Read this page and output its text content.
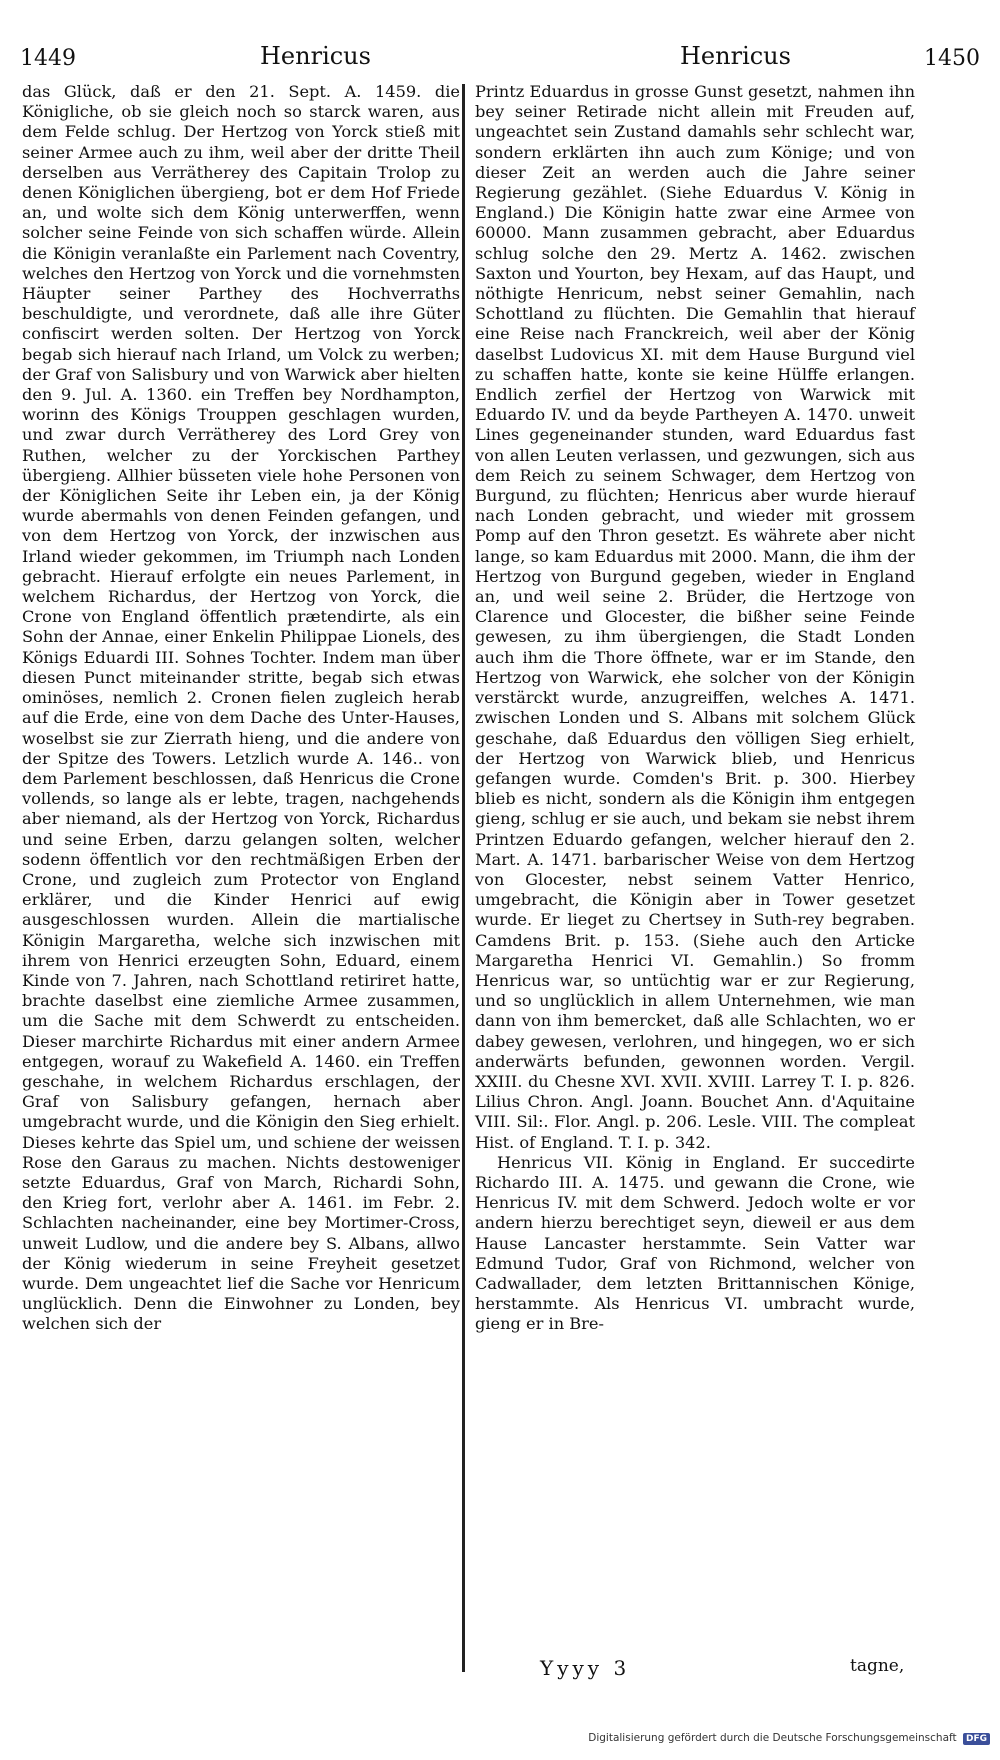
1449	Henricus	Henricus	1450

das Glück, daß er den 21. Sept. A. 1459. die Königliche, ob sie gleich noch so starck waren, aus dem Felde schlug. Der Hertzog von Yorck stieß mit seiner Armee auch zu ihm, weil aber der dritte Theil derselben aus Verrätherey des Capitain Trolop zu denen Königlichen übergieng, bot er dem Hof Friede an, und wolte sich dem König unterwerffen, wenn solcher seine Feinde von sich schaffen würde. Allein die Königin veranlaßte ein Parlement nach Coventry, welches den Hertzog von Yorck und die vornehmsten Häupter seiner Parthey des Hochverraths beschuldigte, und verordnete, daß alle ihre Güter confiscirt werden solten. Der Hertzog von Yorck begab sich hierauf nach Irland, um Volck zu werben; der Graf von Salisbury und von Warwick aber hielten den 9. Jul. A. 1360. ein Treffen bey Nordhampton, worinn des Königs Trouppen geschlagen wurden, und zwar durch Verrätherey des Lord Grey von Ruthen, welcher zu der Yorckischen Parthey übergieng. Allhier büsseten viele hohe Personen von der Königlichen Seite ihr Leben ein, ja der König wurde abermahls von denen Feinden gefangen, und von dem Hertzog von Yorck, der inzwischen aus Irland wieder gekommen, im Triumph nach Londen gebracht. Hierauf erfolgte ein neues Parlement, in welchem Richardus, der Hertzog von Yorck, die Crone von England öffentlich prætendirte, als ein Sohn der Annae, einer Enkelin Philippae Lionels, des Königs Eduardi III. Sohnes Tochter. Indem man über diesen Punct miteinander stritte, begab sich etwas ominöses, nemlich 2. Cronen fielen zugleich herab auf die Erde, eine von dem Dache des Unter-Hauses, woselbst sie zur Zierrath hieng, und die andere von der Spitze des Towers. Letzlich wurde A. 146.. von dem Parlement beschlossen, daß Henricus die Crone vollends, so lange als er lebte, tragen, nachgehends aber niemand, als der Hertzog von Yorck, Richardus und seine Erben, darzu gelangen solten, welcher sodenn öffentlich vor den rechtmäßigen Erben der Crone, und zugleich zum Protector von England erklärer, und die Kinder Henrici auf ewig ausgeschlossen wurden. Allein die martialische Königin Margaretha, welche sich inzwischen mit ihrem von Henrici erzeugten Sohn, Eduard, einem Kinde von 7. Jahren, nach Schottland retiriret hatte, brachte daselbst eine ziemliche Armee zusammen, um die Sache mit dem Schwerdt zu entscheiden. Dieser marchirte Richardus mit einer andern Armee entgegen, worauf zu Wakefield A. 1460. ein Treffen geschahe, in welchem Richardus erschlagen, der Graf von Salisbury gefangen, hernach aber umgebracht wurde, und die Königin den Sieg erhielt. Dieses kehrte das Spiel um, und schiene der weissen Rose den Garaus zu machen. Nichts destoweniger setzte Eduardus, Graf von March, Richardi Sohn, den Krieg fort, verlohr aber A. 1461. im Febr. 2. Schlachten nacheinander, eine bey Mortimer-Cross, unweit Ludlow, und die andere bey S. Albans, allwo der König wiederum in seine Freyheit gesetzet wurde. Dem ungeachtet lief die Sache vor Henricum unglücklich. Denn die Einwohner zu Londen, bey welchen sich der

Printz Eduardus in grosse Gunst gesetzt, nahmen ihn bey seiner Retirade nicht allein mit Freuden auf, ungeachtet sein Zustand damahls sehr schlecht war, sondern erklärten ihn auch zum Könige; und von dieser Zeit an werden auch die Jahre seiner Regierung gezählet. (Siehe Eduardus V. König in England.) Die Königin hatte zwar eine Armee von 60000. Mann zusammen gebracht, aber Eduardus schlug solche den 29. Mertz A. 1462. zwischen Saxton und Yourton, bey Hexam, auf das Haupt, und nöthigte Henricum, nebst seiner Gemahlin, nach Schottland zu flüchten. Die Gemahlin that hierauf eine Reise nach Franckreich, weil aber der König daselbst Ludovicus XI. mit dem Hause Burgund viel zu schaffen hatte, konte sie keine Hülffe erlangen. Endlich zerfiel der Hertzog von Warwick mit Eduardo IV. und da beyde Partheyen A. 1470. unweit Lines gegeneinander stunden, ward Eduardus fast von allen Leuten verlassen, und gezwungen, sich aus dem Reich zu seinem Schwager, dem Hertzog von Burgund, zu flüchten; Henricus aber wurde hierauf nach Londen gebracht, und wieder mit grossem Pomp auf den Thron gesetzt. Es währete aber nicht lange, so kam Eduardus mit 2000. Mann, die ihm der Hertzog von Burgund gegeben, wieder in England an, und weil seine 2. Brüder, die Hertzoge von Clarence und Glocester, die bißher seine Feinde gewesen, zu ihm übergiengen, die Stadt Londen auch ihm die Thore öffnete, war er im Stande, den Hertzog von Warwick, ehe solcher von der Königin verstärckt wurde, anzugreiffen, welches A. 1471. zwischen Londen und S. Albans mit solchem Glück geschahe, daß Eduardus den völligen Sieg erhielt, der Hertzog von Warwick blieb, und Henricus gefangen wurde. Comden's Brit. p. 300. Hierbey blieb es nicht, sondern als die Königin ihm entgegen gieng, schlug er sie auch, und bekam sie nebst ihrem Printzen Eduardo gefangen, welcher hierauf den 2. Mart. A. 1471. barbarischer Weise von dem Hertzog von Glocester, nebst seinem Vatter Henrico, umgebracht, die Königin aber in Tower gesetzet wurde. Er lieget zu Chertsey in Suth-rey begraben. Camdens Brit. p. 153. (Siehe auch den Articke Margaretha Henrici VI. Gemahlin.) So fromm Henricus war, so untüchtig war er zur Regierung, und so unglücklich in allem Unternehmen, wie man dann von ihm bemercket, daß alle Schlachten, wo er dabey gewesen, verlohren, und hingegen, wo er sich anderwärts befunden, gewonnen worden. Vergil. XXIII. du Chesne XVI. XVII. XVIII. Larrey T. I. p. 826. Lilius Chron. Angl. Joann. Bouchet Ann. d'Aquitaine VIII. Sil:. Flor. Angl. p. 206. Lesle. VIII. The compleat Hist. of England. T. I. p. 342.

Henricus VII. König in England. Er succedirte Richardo III. A. 1475. und gewann die Crone, wie Henricus IV. mit dem Schwerd. Jedoch wolte er vor andern hierzu berechtiget seyn, dieweil er aus dem Hause Lancaster herstammte. Sein Vatter war Edmund Tudor, Graf von Richmond, welcher von Cadwallader, dem letzten Brittannischen Könige, herstammte. Als Henricus VI. umbracht wurde, gieng er in Bre-

Yyyy 3	tagne,
Digitalisierung gefördert durch die Deutsche Forschungsgemeinschaft DFG
